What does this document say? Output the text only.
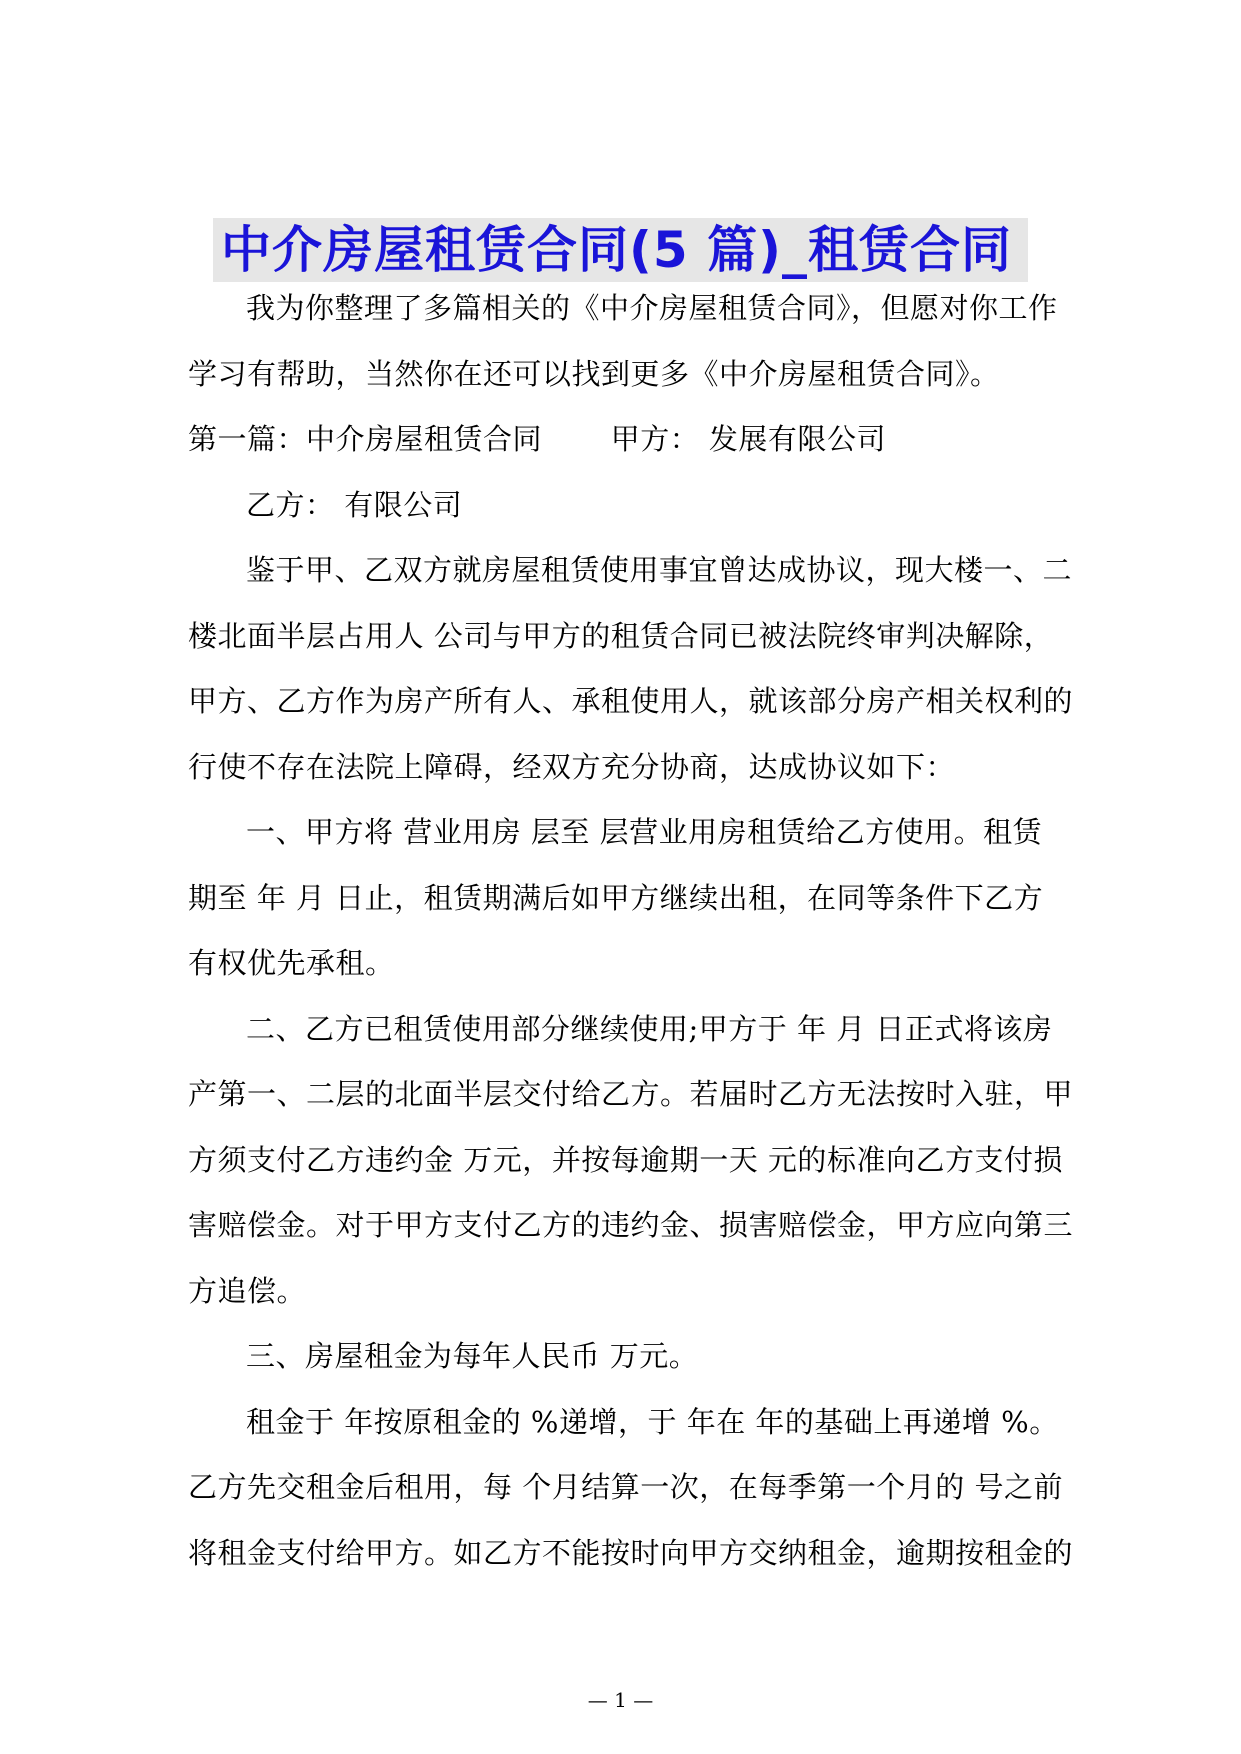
中介房屋租赁合同(5 篇)_租赁合同
我为你整理了多篇相关的《中介房屋租赁合同》，但愿对你工作
学习有帮助，当然你在还可以找到更多《中介房屋租赁合同》。
第一篇：中介房屋租赁合同　　 甲方： 发展有限公司
乙方： 有限公司
鉴于甲、乙双方就房屋租赁使用事宜曾达成协议，现大楼一、二
楼北面半层占用人 公司与甲方的租赁合同已被法院终审判决解除，
甲方、乙方作为房产所有人、承租使用人，就该部分房产相关权利的
行使不存在法院上障碍，经双方充分协商，达成协议如下：
一、甲方将 营业用房 层至 层营业用房租赁给乙方使用。租赁
期至 年 月 日止，租赁期满后如甲方继续出租，在同等条件下乙方
有权优先承租。
二、乙方已租赁使用部分继续使用;甲方于 年 月 日正式将该房
产第一、二层的北面半层交付给乙方。若届时乙方无法按时入驻，甲
方须支付乙方违约金 万元，并按每逾期一天 元的标准向乙方支付损
害赔偿金。对于甲方支付乙方的违约金、损害赔偿金，甲方应向第三
方追偿。
三、房屋租金为每年人民币 万元。
租金于 年按原租金的 %递增，于 年在 年的基础上再递增 %。
乙方先交租金后租用，每 个月结算一次，在每季第一个月的 号之前
将租金支付给甲方。如乙方不能按时向甲方交纳租金，逾期按租金的
— 1 —
